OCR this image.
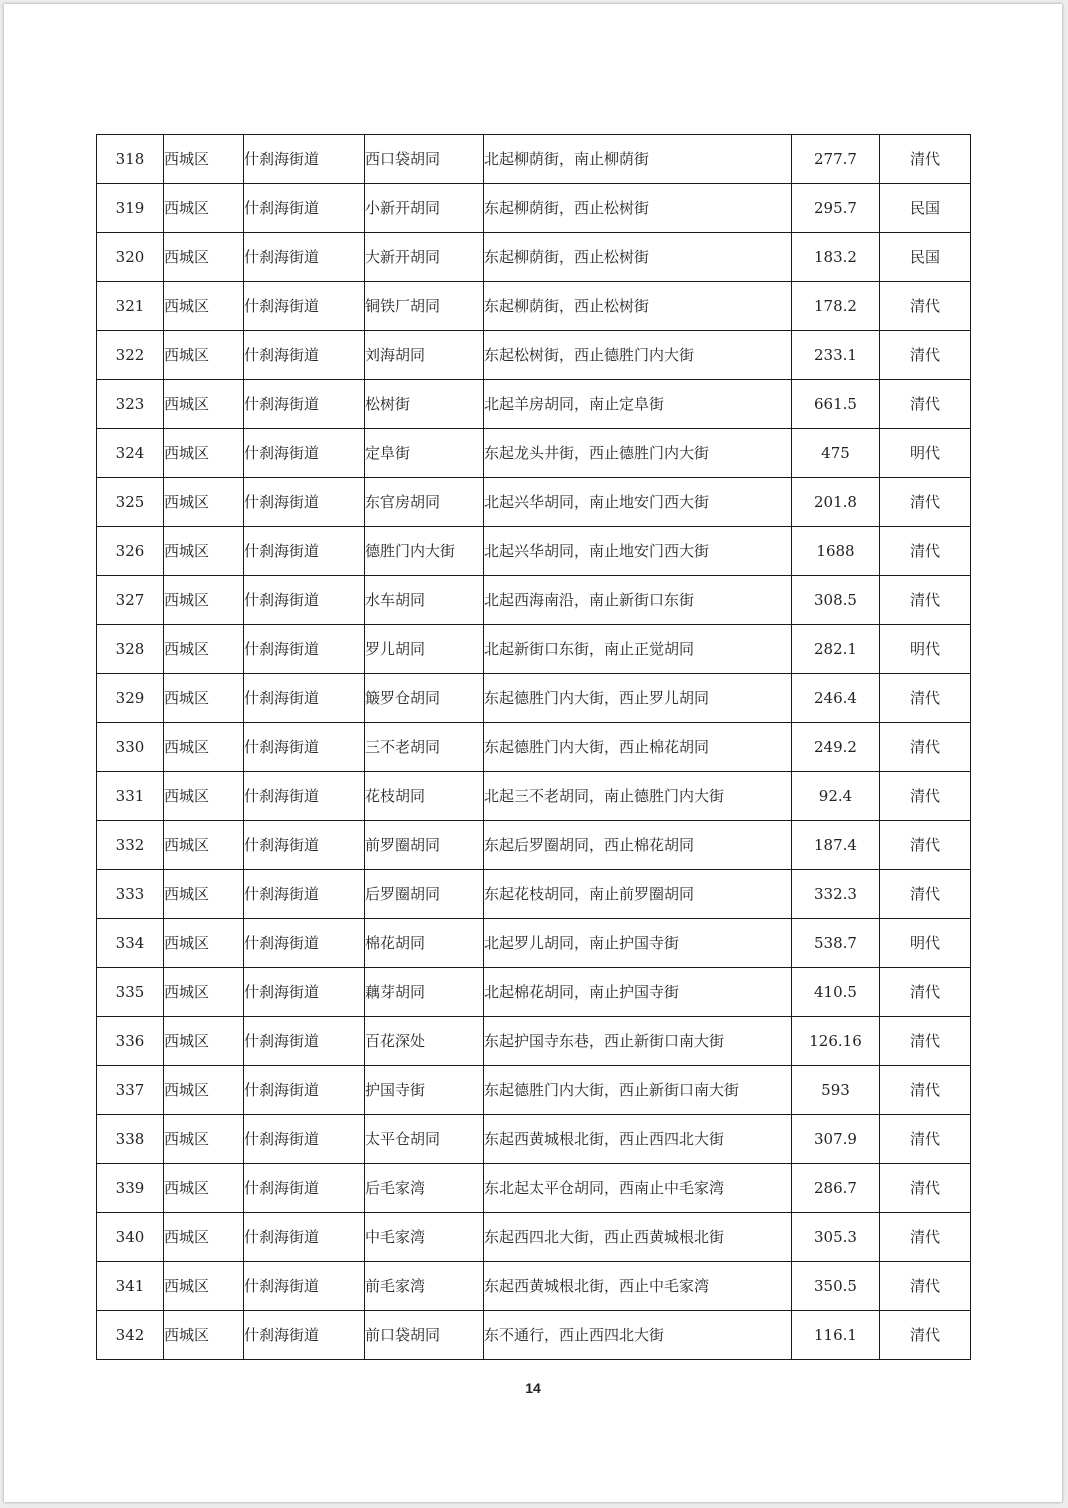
318	西城区	什刹海街道	西口袋胡同	北起柳荫街，南止柳荫街	277.7	清代
319	西城区	什刹海街道	小新开胡同	东起柳荫街，西止松树街	295.7	民国
320	西城区	什刹海街道	大新开胡同	东起柳荫街，西止松树街	183.2	民国
321	西城区	什刹海街道	铜铁厂胡同	东起柳荫街，西止松树街	178.2	清代
322	西城区	什刹海街道	刘海胡同	东起松树街，西止德胜门内大街	233.1	清代
323	西城区	什刹海街道	松树街	北起羊房胡同，南止定阜街	661.5	清代
324	西城区	什刹海街道	定阜街	东起龙头井街，西止德胜门内大街	475	明代
325	西城区	什刹海街道	东官房胡同	北起兴华胡同，南止地安门西大街	201.8	清代
326	西城区	什刹海街道	德胜门内大街	北起兴华胡同，南止地安门西大街	1688	清代
327	西城区	什刹海街道	水车胡同	北起西海南沿，南止新街口东街	308.5	清代
328	西城区	什刹海街道	罗儿胡同	北起新街口东街，南止正觉胡同	282.1	明代
329	西城区	什刹海街道	簸罗仓胡同	东起德胜门内大街，西止罗儿胡同	246.4	清代
330	西城区	什刹海街道	三不老胡同	东起德胜门内大街，西止棉花胡同	249.2	清代
331	西城区	什刹海街道	花枝胡同	北起三不老胡同，南止德胜门内大街	92.4	清代
332	西城区	什刹海街道	前罗圈胡同	东起后罗圈胡同，西止棉花胡同	187.4	清代
333	西城区	什刹海街道	后罗圈胡同	东起花枝胡同，南止前罗圈胡同	332.3	清代
334	西城区	什刹海街道	棉花胡同	北起罗儿胡同，南止护国寺街	538.7	明代
335	西城区	什刹海街道	藕芽胡同	北起棉花胡同，南止护国寺街	410.5	清代
336	西城区	什刹海街道	百花深处	东起护国寺东巷，西止新街口南大街	126.16	清代
337	西城区	什刹海街道	护国寺街	东起德胜门内大街，西止新街口南大街	593	清代
338	西城区	什刹海街道	太平仓胡同	东起西黄城根北街，西止西四北大街	307.9	清代
339	西城区	什刹海街道	后毛家湾	东北起太平仓胡同，西南止中毛家湾	286.7	清代
340	西城区	什刹海街道	中毛家湾	东起西四北大街，西止西黄城根北街	305.3	清代
341	西城区	什刹海街道	前毛家湾	东起西黄城根北街，西止中毛家湾	350.5	清代
342	西城区	什刹海街道	前口袋胡同	东不通行，西止西四北大街	116.1	清代
14
